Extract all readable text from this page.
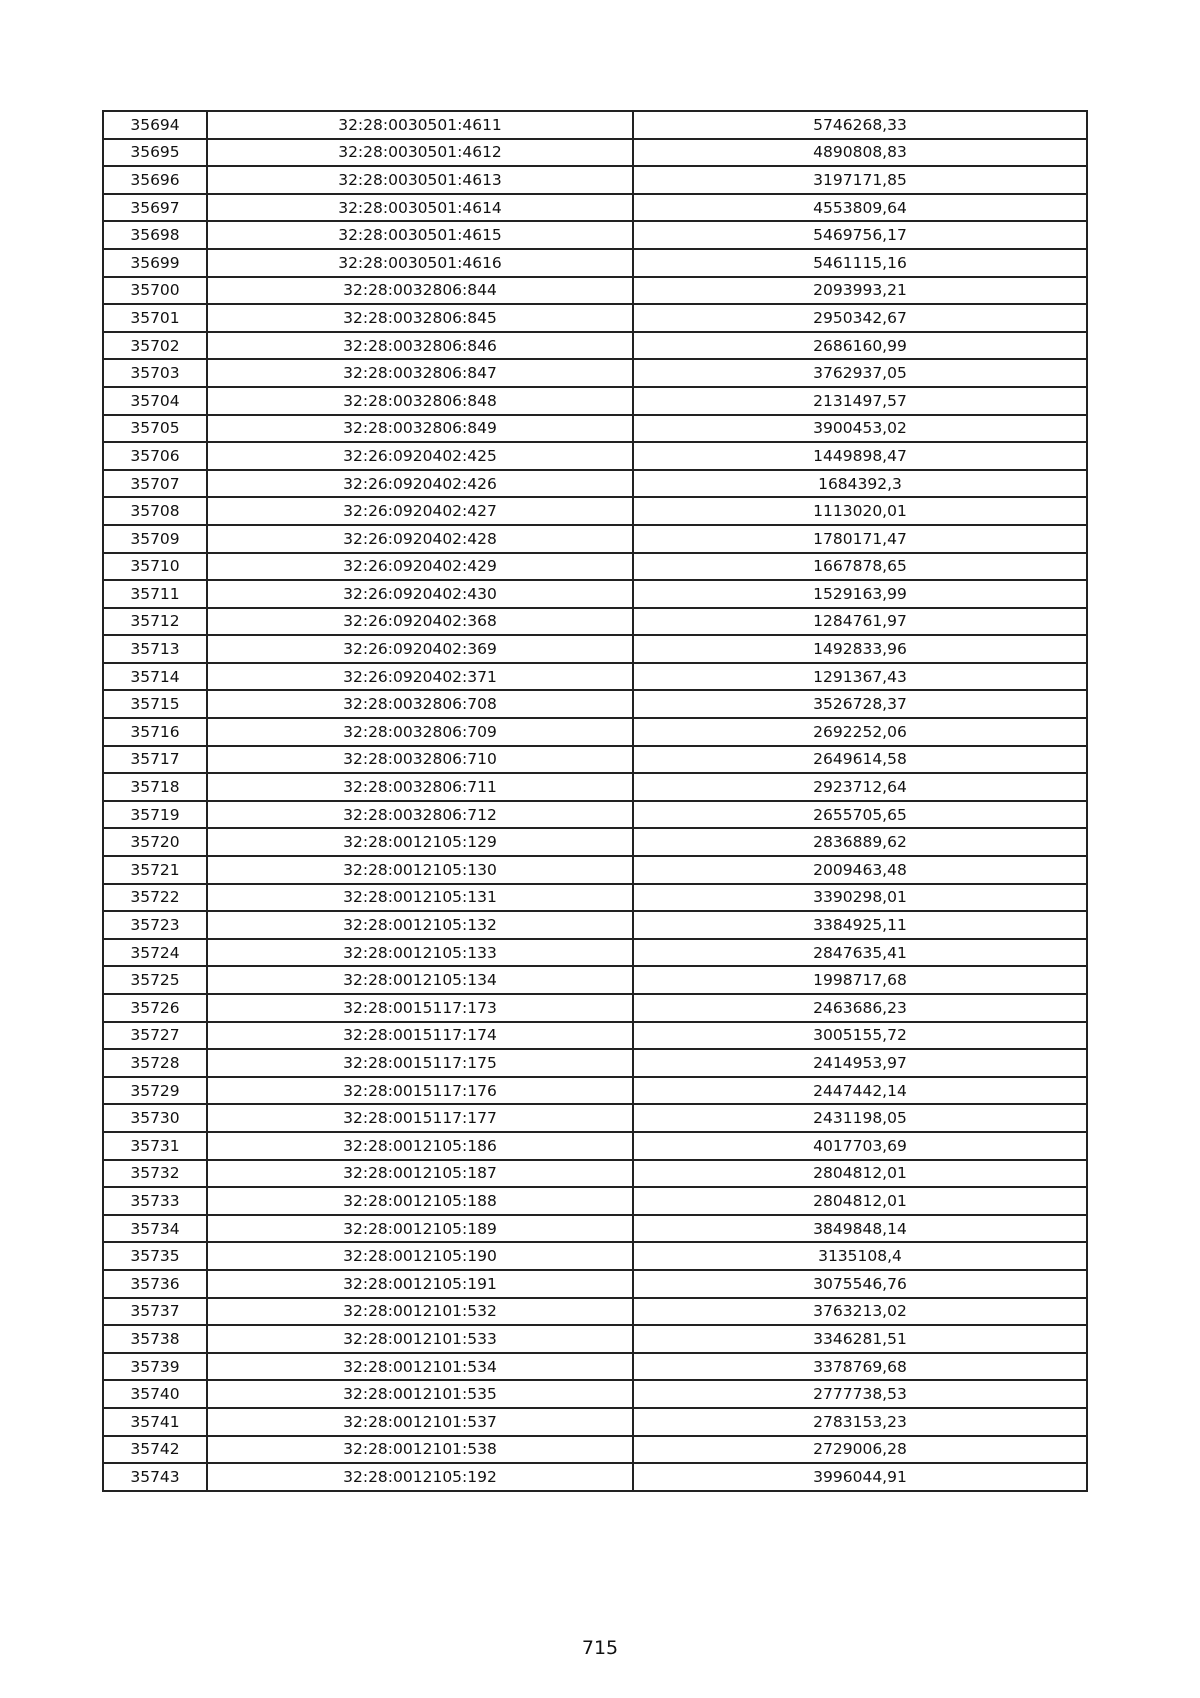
35694	32:28:0030501:4611	5746268,33
35695	32:28:0030501:4612	4890808,83
35696	32:28:0030501:4613	3197171,85
35697	32:28:0030501:4614	4553809,64
35698	32:28:0030501:4615	5469756,17
35699	32:28:0030501:4616	5461115,16
35700	32:28:0032806:844	2093993,21
35701	32:28:0032806:845	2950342,67
35702	32:28:0032806:846	2686160,99
35703	32:28:0032806:847	3762937,05
35704	32:28:0032806:848	2131497,57
35705	32:28:0032806:849	3900453,02
35706	32:26:0920402:425	1449898,47
35707	32:26:0920402:426	1684392,3
35708	32:26:0920402:427	1113020,01
35709	32:26:0920402:428	1780171,47
35710	32:26:0920402:429	1667878,65
35711	32:26:0920402:430	1529163,99
35712	32:26:0920402:368	1284761,97
35713	32:26:0920402:369	1492833,96
35714	32:26:0920402:371	1291367,43
35715	32:28:0032806:708	3526728,37
35716	32:28:0032806:709	2692252,06
35717	32:28:0032806:710	2649614,58
35718	32:28:0032806:711	2923712,64
35719	32:28:0032806:712	2655705,65
35720	32:28:0012105:129	2836889,62
35721	32:28:0012105:130	2009463,48
35722	32:28:0012105:131	3390298,01
35723	32:28:0012105:132	3384925,11
35724	32:28:0012105:133	2847635,41
35725	32:28:0012105:134	1998717,68
35726	32:28:0015117:173	2463686,23
35727	32:28:0015117:174	3005155,72
35728	32:28:0015117:175	2414953,97
35729	32:28:0015117:176	2447442,14
35730	32:28:0015117:177	2431198,05
35731	32:28:0012105:186	4017703,69
35732	32:28:0012105:187	2804812,01
35733	32:28:0012105:188	2804812,01
35734	32:28:0012105:189	3849848,14
35735	32:28:0012105:190	3135108,4
35736	32:28:0012105:191	3075546,76
35737	32:28:0012101:532	3763213,02
35738	32:28:0012101:533	3346281,51
35739	32:28:0012101:534	3378769,68
35740	32:28:0012101:535	2777738,53
35741	32:28:0012101:537	2783153,23
35742	32:28:0012101:538	2729006,28
35743	32:28:0012105:192	3996044,91
715
